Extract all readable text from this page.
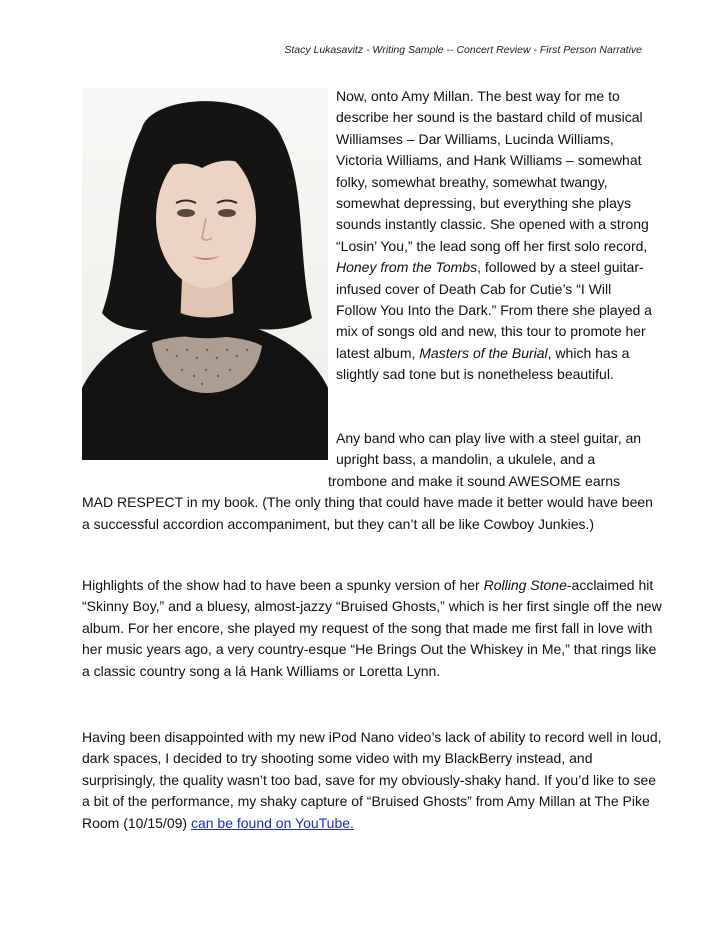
Stacy Lukasavitz - Writing Sample -- Concert Review - First Person Narrative
Now, onto Amy Millan. The best way for me to describe her sound is the bastard child of musical Williamses – Dar Williams, Lucinda Williams, Victoria Williams, and Hank Williams – somewhat folky, somewhat breathy, somewhat twangy, somewhat depressing, but everything she plays sounds instantly classic. She opened with a strong “Losin’ You,” the lead song off her first solo record, Honey from the Tombs, followed by a steel guitar-infused cover of Death Cab for Cutie’s “I Will Follow You Into the Dark.” From there she played a mix of songs old and new, this tour to promote her latest album, Masters of the Burial, which has a slightly sad tone but is nonetheless beautiful.
Any band who can play live with a steel guitar, an upright bass, a mandolin, a ukulele, and a
trombone and make it sound AWESOME earns
MAD RESPECT in my book. (The only thing that could have made it better would have been a successful accordion accompaniment, but they can’t all be like Cowboy Junkies.)
Highlights of the show had to have been a spunky version of her Rolling Stone-acclaimed hit “Skinny Boy,” and a bluesy, almost-jazzy “Bruised Ghosts,” which is her first single off the new album. For her encore, she played my request of the song that made me first fall in love with her music years ago, a very country-esque “He Brings Out the Whiskey in Me,” that rings like a classic country song a lá Hank Williams or Loretta Lynn.
Having been disappointed with my new iPod Nano video’s lack of ability to record well in loud, dark spaces, I decided to try shooting some video with my BlackBerry instead, and surprisingly, the quality wasn’t too bad, save for my obviously-shaky hand. If you’d like to see a bit of the performance, my shaky capture of “Bruised Ghosts” from Amy Millan at The Pike Room (10/15/09) can be found on YouTube.
